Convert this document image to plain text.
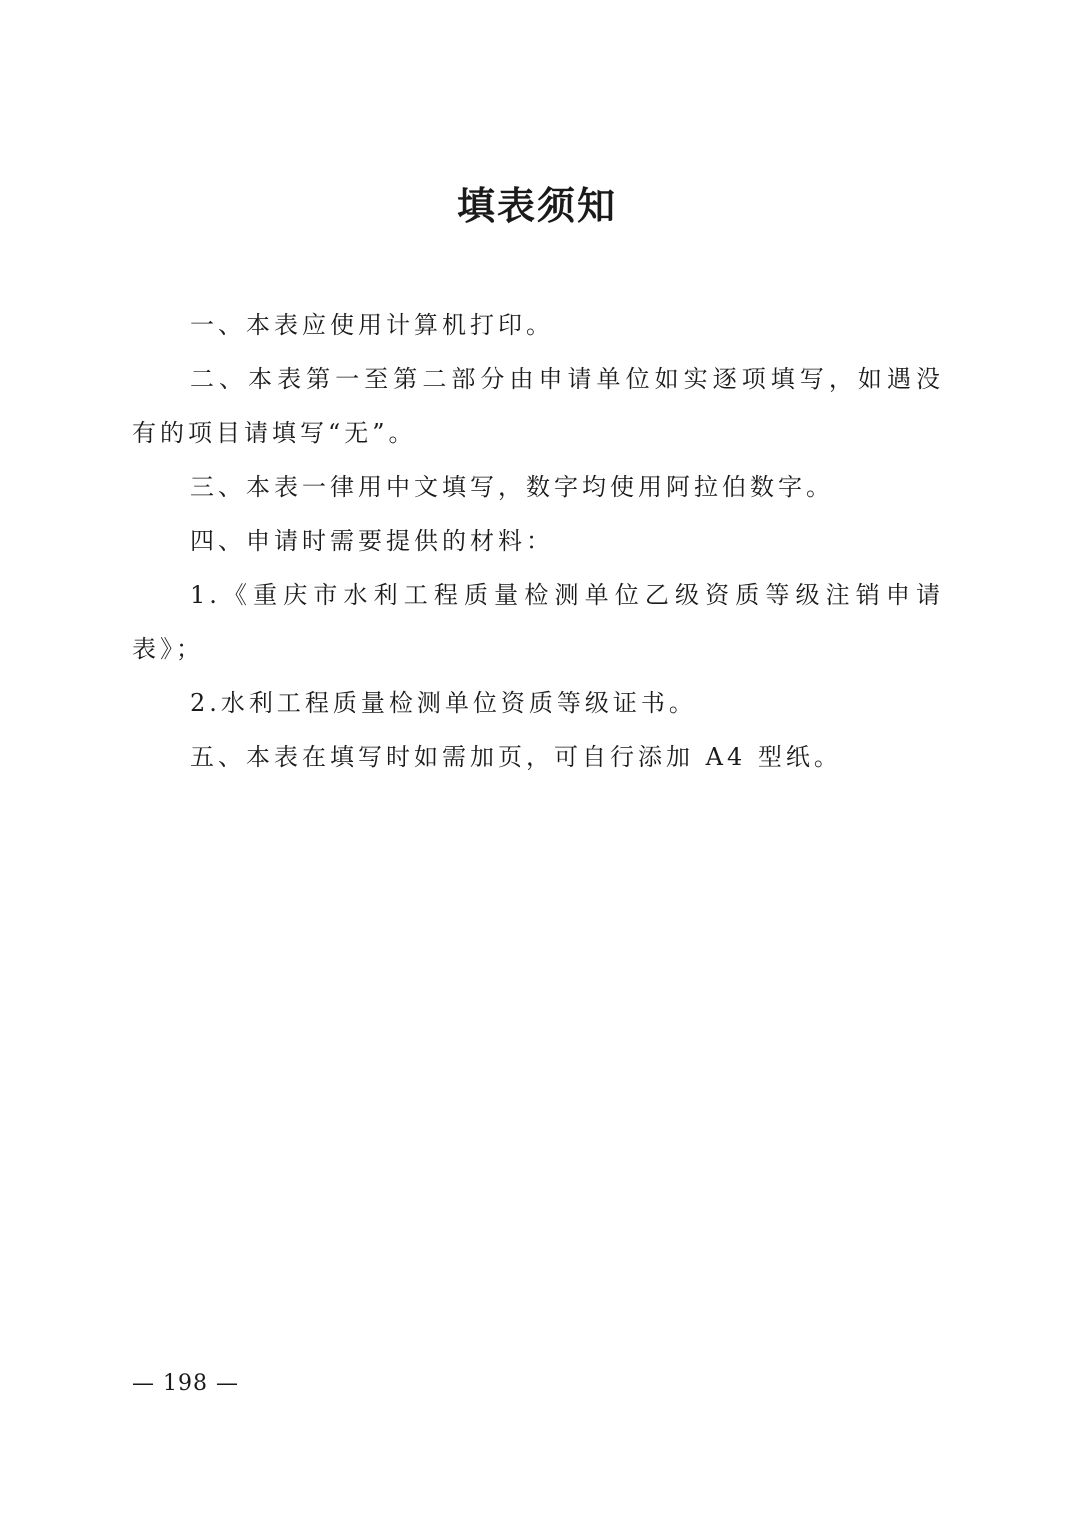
填表须知

一、本表应使用计算机打印。

二、本表第一至第二部分由申请单位如实逐项填写，如遇没有的项目请填写“无”。

三、本表一律用中文填写，数字均使用阿拉伯数字。

四、申请时需要提供的材料：

1.《重庆市水利工程质量检测单位乙级资质等级注销申请表》；

2.水利工程质量检测单位资质等级证书。

五、本表在填写时如需加页，可自行添加 A4 型纸。

— 198 —
